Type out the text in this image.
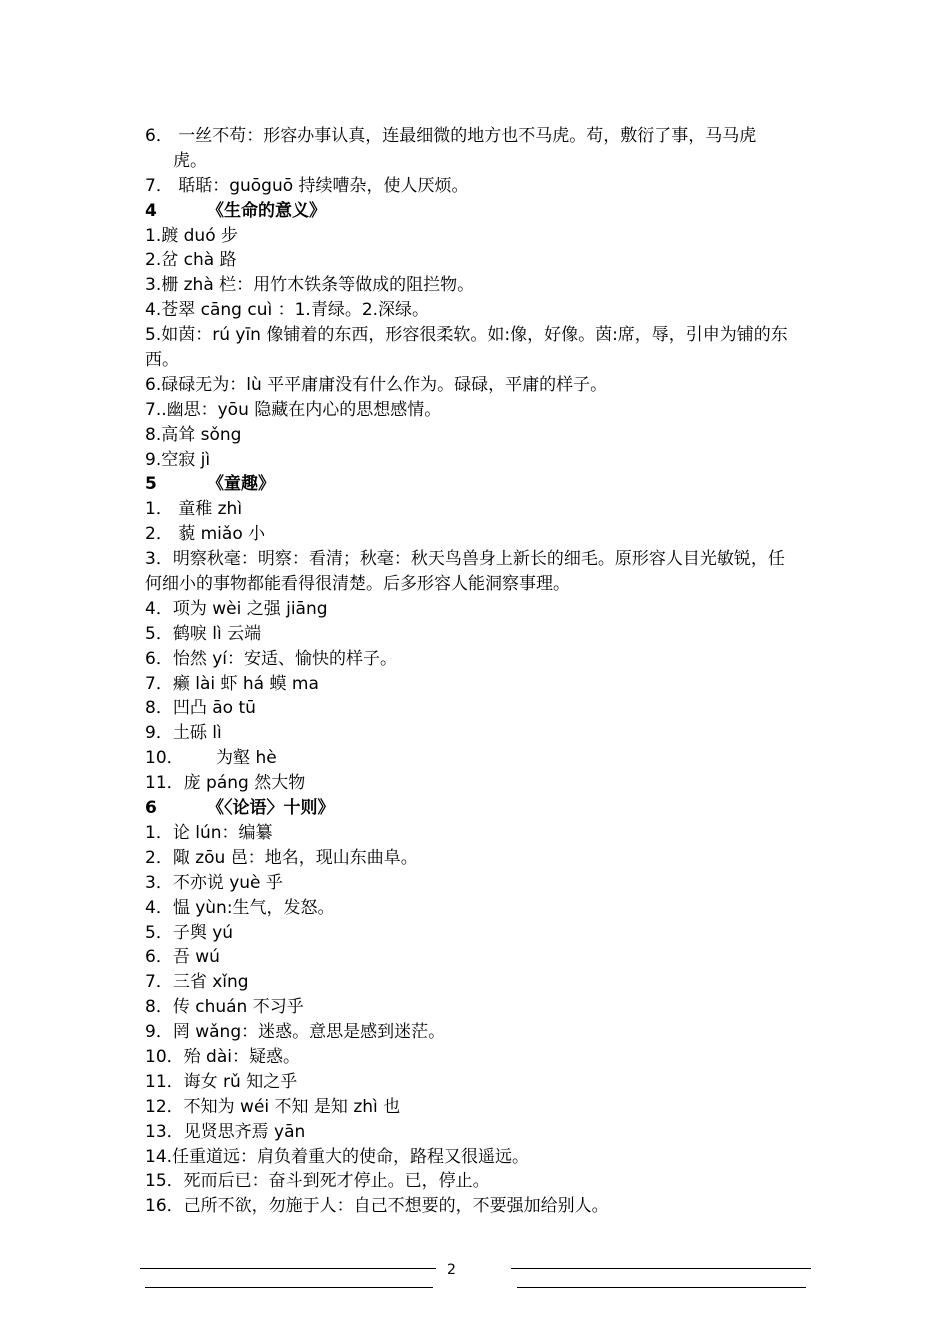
6． 一丝不苟：形容办事认真，连最细微的地方也不马虎。苟，敷衍了事，马马虎
虎。
7． 聒聒：guōguō 持续嘈杂，使人厌烦。
4	《生命的意义》
1.踱 duó 步
2.岔 chà 路
3.栅 zhà 栏：用竹木铁条等做成的阻拦物。
4.苍翠 cāng cuì ：1.青绿。2.深绿。
5.如茵：rú yīn 像铺着的东西，形容很柔软。如:像，好像。茵:席，辱，引申为铺的东
西。
6.碌碌无为：lù 平平庸庸没有什么作为。碌碌，平庸的样子。
7..幽思：yōu 隐藏在内心的思想感情。
8.高耸 sǒng
9.空寂 jì
5	《童趣》
1． 童稚 zhì
2． 藐 miǎo 小
3．明察秋毫：明察：看清；秋毫：秋天鸟兽身上新长的细毛。原形容人目光敏锐，任
何细小的事物都能看得很清楚。后多形容人能洞察事理。
4．项为 wèi 之强 jiāng
5．鹤唳 lì 云端
6．怡然 yí：安适、愉快的样子。
7．癞 lài 虾 há 蟆 ma
8．凹凸 āo tū
9．土砾 lì
10．      为壑 hè
11．庞 páng 然大物
6	《〈论语〉十则》
1．论 lún：编纂
2．陬 zōu 邑：地名，现山东曲阜。
3．不亦说 yuè 乎
4．愠 yùn:生气，发怒。
5．子舆 yú
6．吾 wú
7．三省 xǐng
8．传 chuán 不习乎
9．罔 wǎng：迷惑。意思是感到迷茫。
10．殆 dài：疑惑。
11．诲女 rǔ 知之乎
12．不知为 wéi 不知 是知 zhì 也
13．见贤思齐焉 yān
14.任重道远：肩负着重大的使命，路程又很遥远。
15．死而后已：奋斗到死才停止。已，停止。
16．己所不欲，勿施于人：自己不想要的，不要强加给别人。
2
